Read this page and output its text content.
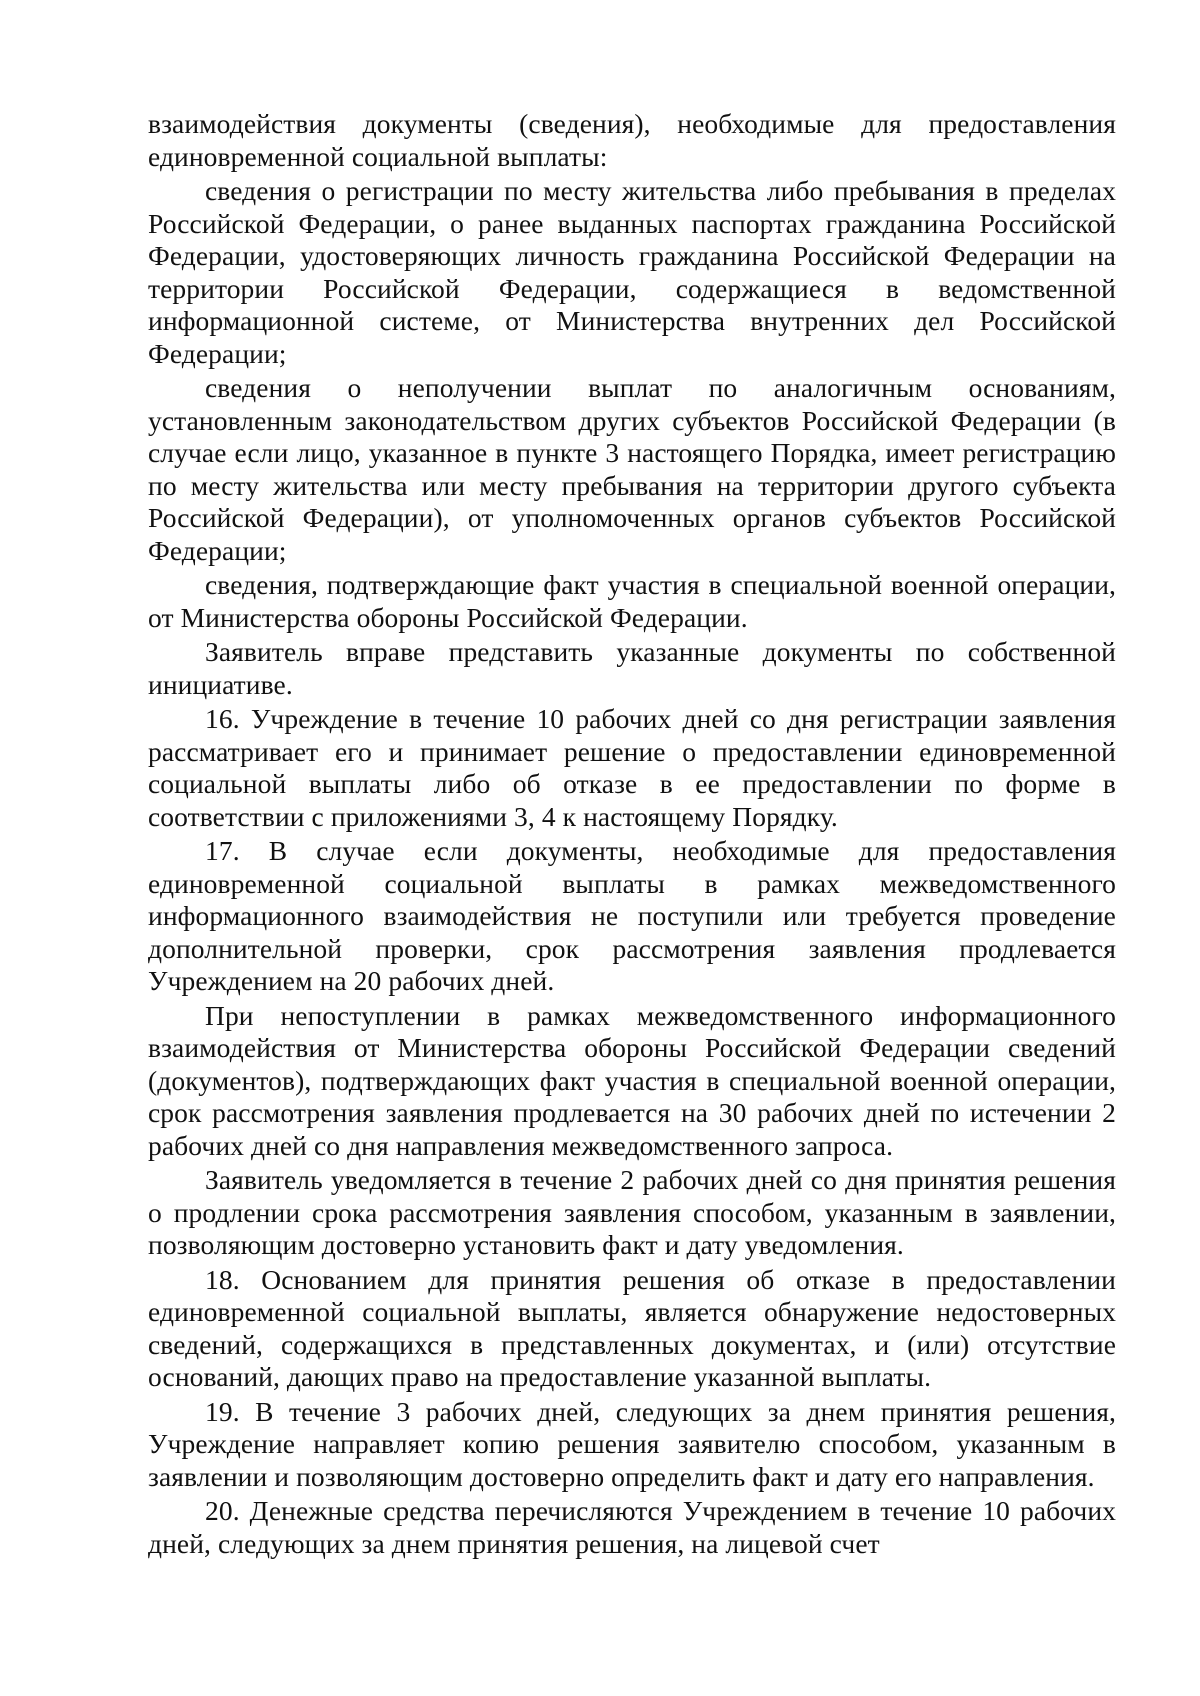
взаимодействия документы (сведения), необходимые для предоставления единовременной социальной выплаты:

сведения о регистрации по месту жительства либо пребывания в пределах Российской Федерации, о ранее выданных паспортах гражданина Российской Федерации, удостоверяющих личность гражданина Российской Федерации на территории Российской Федерации, содержащиеся в ведомственной информационной системе, от Министерства внутренних дел Российской Федерации;

сведения о неполучении выплат по аналогичным основаниям, установленным законодательством других субъектов Российской Федерации (в случае если лицо, указанное в пункте 3 настоящего Порядка, имеет регистрацию по месту жительства или месту пребывания на территории другого субъекта Российской Федерации), от уполномоченных органов субъектов Российской Федерации;

сведения, подтверждающие факт участия в специальной военной операции, от Министерства обороны Российской Федерации.

Заявитель вправе представить указанные документы по собственной инициативе.

16. Учреждение в течение 10 рабочих дней со дня регистрации заявления рассматривает его и принимает решение о предоставлении единовременной социальной выплаты либо об отказе в ее предоставлении по форме в соответствии с приложениями 3, 4 к настоящему Порядку.

17. В случае если документы, необходимые для предоставления единовременной социальной выплаты в рамках межведомственного информационного взаимодействия не поступили или требуется проведение дополнительной проверки, срок рассмотрения заявления продлевается Учреждением на 20 рабочих дней.

При непоступлении в рамках межведомственного информационного взаимодействия от Министерства обороны Российской Федерации сведений (документов), подтверждающих факт участия в специальной военной операции, срок рассмотрения заявления продлевается на 30 рабочих дней по истечении 2 рабочих дней со дня направления межведомственного запроса.

Заявитель уведомляется в течение 2 рабочих дней со дня принятия решения о продлении срока рассмотрения заявления способом, указанным в заявлении, позволяющим достоверно установить факт и дату уведомления.

18. Основанием для принятия решения об отказе в предоставлении единовременной социальной выплаты, является обнаружение недостоверных сведений, содержащихся в представленных документах, и (или) отсутствие оснований, дающих право на предоставление указанной выплаты.

19. В течение 3 рабочих дней, следующих за днем принятия решения, Учреждение направляет копию решения заявителю способом, указанным в заявлении и позволяющим достоверно определить факт и дату его направления.

20. Денежные средства перечисляются Учреждением в течение 10 рабочих дней, следующих за днем принятия решения, на лицевой счет
